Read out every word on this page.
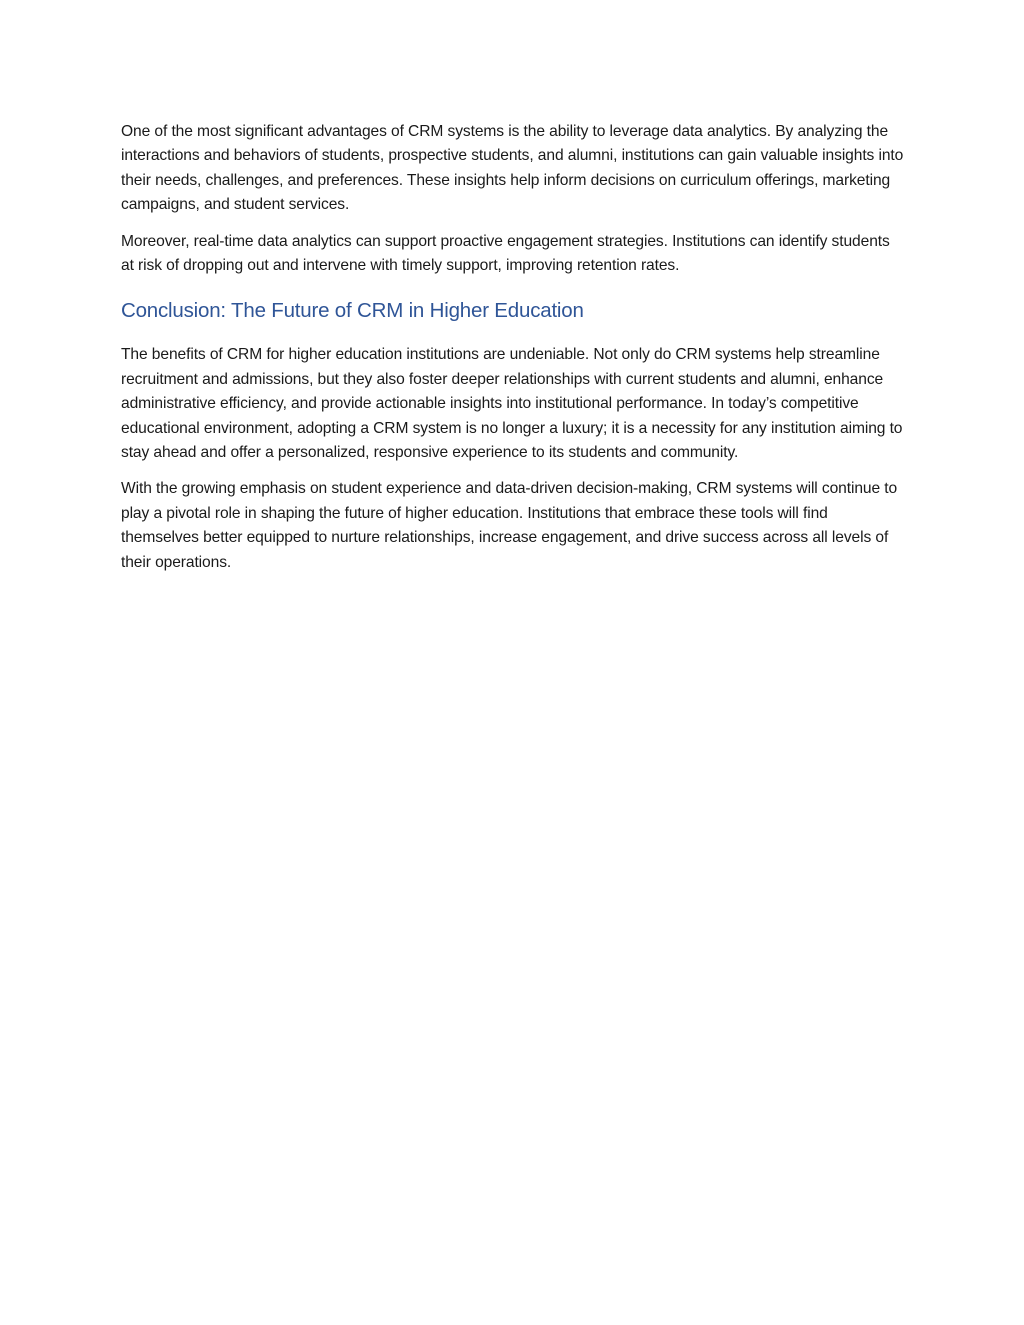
One of the most significant advantages of CRM systems is the ability to leverage data analytics. By analyzing the interactions and behaviors of students, prospective students, and alumni, institutions can gain valuable insights into their needs, challenges, and preferences. These insights help inform decisions on curriculum offerings, marketing campaigns, and student services.

Moreover, real-time data analytics can support proactive engagement strategies. Institutions can identify students at risk of dropping out and intervene with timely support, improving retention rates.

Conclusion: The Future of CRM in Higher Education

The benefits of CRM for higher education institutions are undeniable. Not only do CRM systems help streamline recruitment and admissions, but they also foster deeper relationships with current students and alumni, enhance administrative efficiency, and provide actionable insights into institutional performance. In today’s competitive educational environment, adopting a CRM system is no longer a luxury; it is a necessity for any institution aiming to stay ahead and offer a personalized, responsive experience to its students and community.

With the growing emphasis on student experience and data-driven decision-making, CRM systems will continue to play a pivotal role in shaping the future of higher education. Institutions that embrace these tools will find themselves better equipped to nurture relationships, increase engagement, and drive success across all levels of their operations.
